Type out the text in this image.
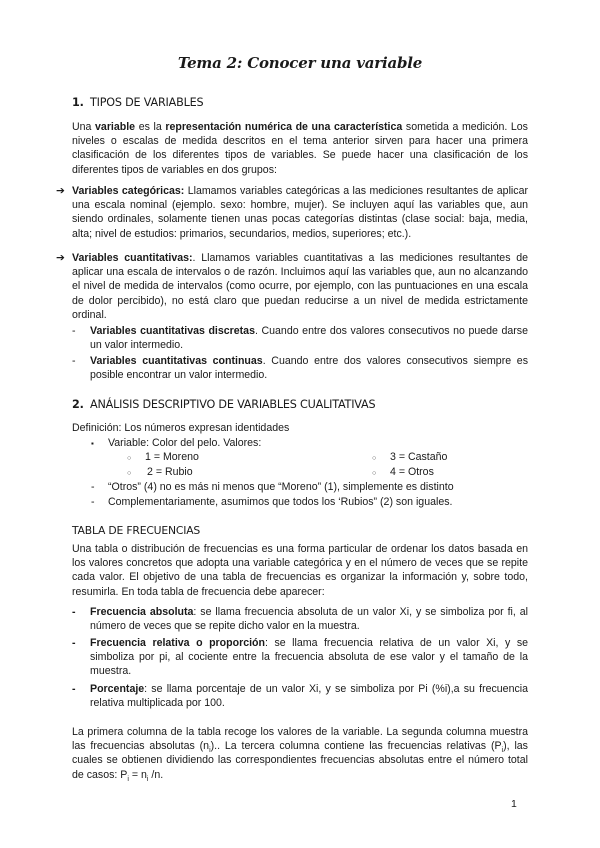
Tema 2: Conocer una variable
1. TIPOS DE VARIABLES

Una variable es la representación numérica de una característica sometida a medición. Los niveles o escalas de medida descritos en el tema anterior sirven para hacer una primera clasificación de los diferentes tipos de variables. Se puede hacer una clasificación de los diferentes tipos de variables en dos grupos:

➔ Variables categóricas: Llamamos variables categóricas a las mediciones resultantes de aplicar una escala nominal (ejemplo. sexo: hombre, mujer). Se incluyen aquí las variables que, aun siendo ordinales, solamente tienen unas pocas categorías distintas (clase social: baja, media, alta; nivel de estudios: primarios, secundarios, medios, superiores; etc.).
➔ Variables cuantitativas:. Llamamos variables cuantitativas a las mediciones resultantes de aplicar una escala de intervalos o de razón. Incluimos aquí las variables que, aun no alcanzando el nivel de medida de intervalos (como ocurre, por ejemplo, con las puntuaciones en una escala de dolor percibido), no está claro que puedan reducirse a un nivel de medida estrictamente ordinal.
- Variables cuantitativas discretas. Cuando entre dos valores consecutivos no puede darse un valor intermedio.
- Variables cuantitativas continuas. Cuando entre dos valores consecutivos siempre es posible encontrar un valor intermedio.
2. ANÁLISIS DESCRIPTIVO DE VARIABLES CUALITATIVAS
Definición: Los números expresan identidades
▪ Variable: Color del pelo. Valores:
○ 1 = Moreno	○ 3 = Castaño
○ 2 = Rubio	○ 4 = Otros
- “Otros” (4) no es más ni menos que “Moreno” (1), simplemente es distinto
- Complementariamente, asumimos que todos los ‘Rubios” (2) son iguales.
TABLA DE FRECUENCIAS

Una tabla o distribución de frecuencias es una forma particular de ordenar los datos basada en los valores concretos que adopta una variable categórica y en el número de veces que se repite cada valor. El objetivo de una tabla de frecuencias es organizar la información y, sobre todo, resumirla. En toda tabla de frecuencia debe aparecer:

- Frecuencia absoluta: se llama frecuencia absoluta de un valor Xi, y se simboliza por fi, al número de veces que se repite dicho valor en la muestra.
- Frecuencia relativa o proporción: se llama frecuencia relativa de un valor Xi, y se simboliza por pi, al cociente entre la frecuencia absoluta de ese valor y el tamaño de la muestra.
- Porcentaje: se llama porcentaje de un valor Xi, y se simboliza por Pi (%i),a su frecuencia relativa multiplicada por 100.

La primera columna de la tabla recoge los valores de la variable. La segunda columna muestra las frecuencias absolutas $(n_i)$.. La tercera columna contiene las frecuencias relativas $(P_i)$, las cuales se obtienen dividiendo las correspondientes frecuencias absolutas entre el número total de casos: $P_i = n_i$ /n.

1
